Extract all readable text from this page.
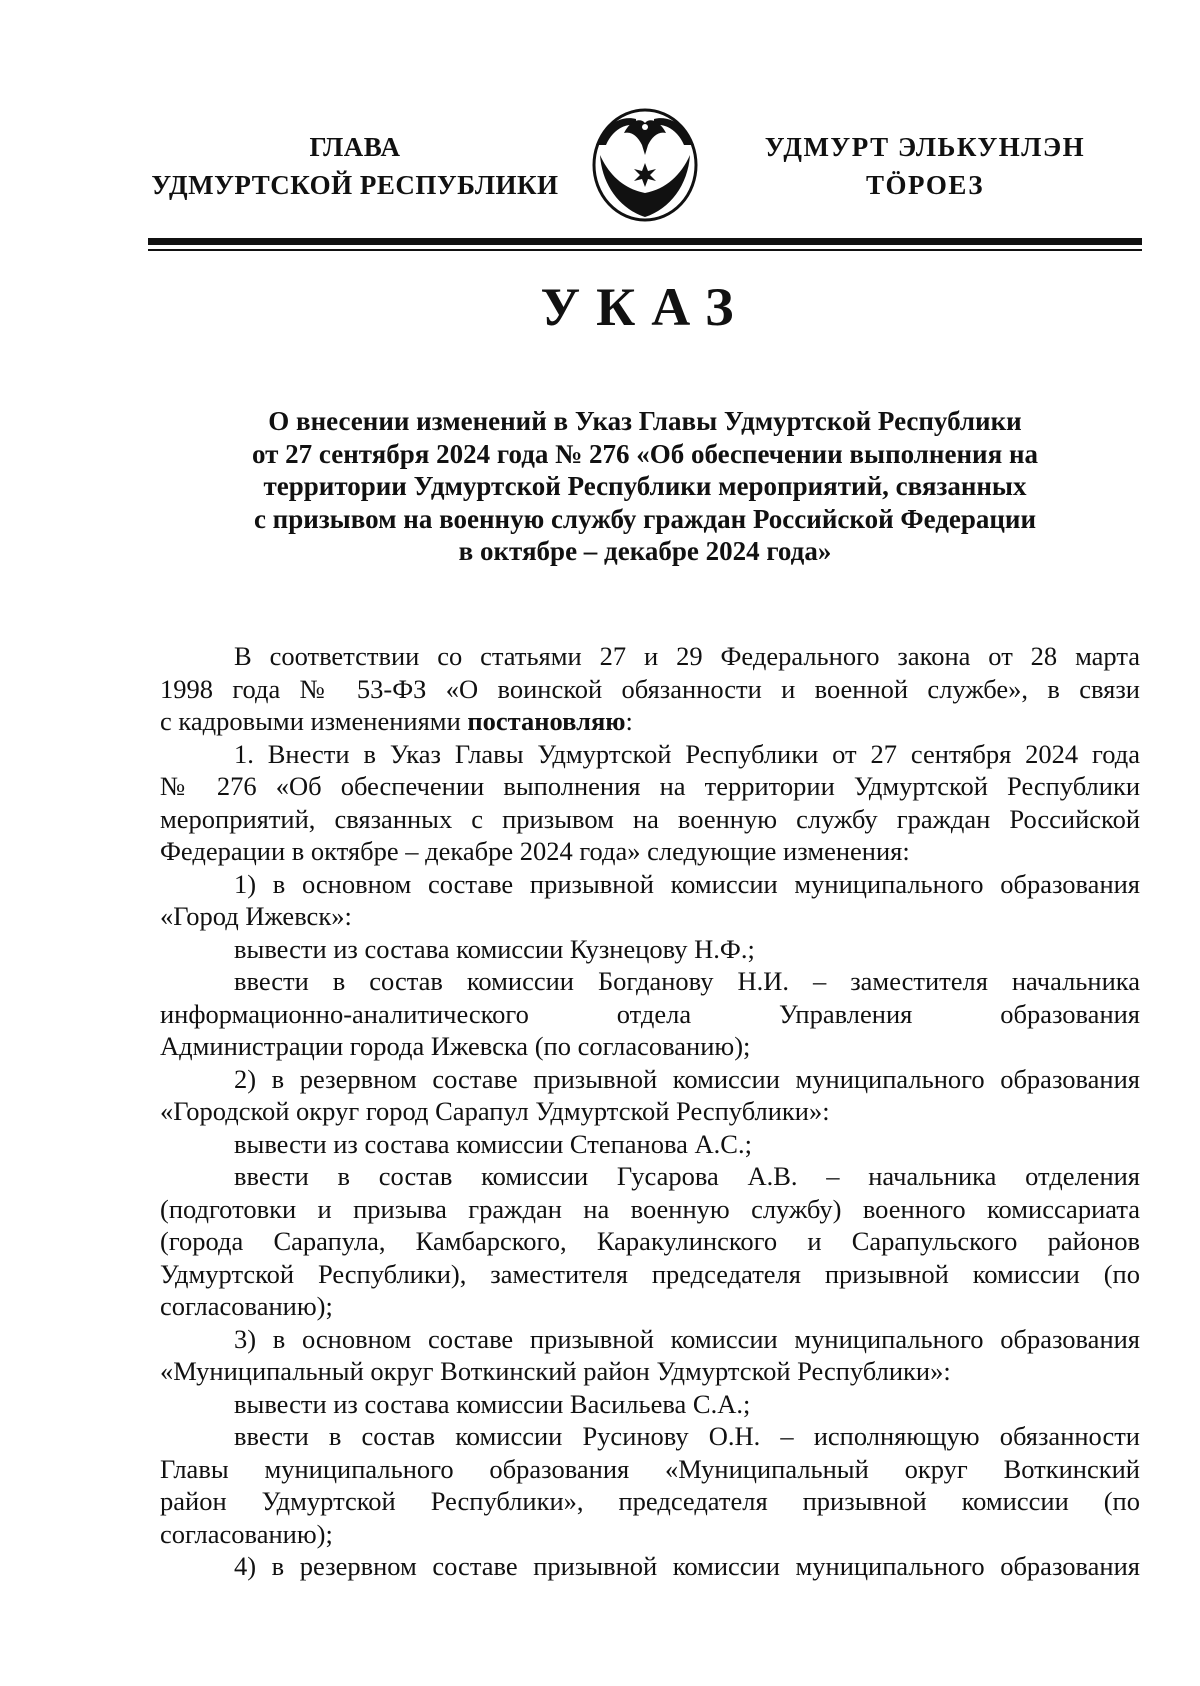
ГЛАВА
УДМУРТСКОЙ РЕСПУБЛИКИ
УДМУРТ ЭЛЬКУНЛЭН
ТӦРОЕЗ
УКАЗ
О внесении изменений в Указ Главы Удмуртской Республики
от 27 сентября 2024 года № 276 «Об обеспечении выполнения на
территории Удмуртской Республики мероприятий, связанных
с призывом на военную службу граждан Российской Федерации
в октябре – декабре 2024 года»
В соответствии со статьями 27 и 29 Федерального закона от 28 марта
1998 года № 53-ФЗ «О воинской обязанности и военной службе», в связи
с кадровыми изменениями постановляю:
1. Внести в Указ Главы Удмуртской Республики от 27 сентября 2024 года
№ 276 «Об обеспечении выполнения на территории Удмуртской Республики
мероприятий, связанных с призывом на военную службу граждан Российской
Федерации в октябре – декабре 2024 года» следующие изменения:
1) в основном составе призывной комиссии муниципального образования
«Город Ижевск»:
вывести из состава комиссии Кузнецову Н.Ф.;
ввести в состав комиссии Богданову Н.И. – заместителя начальника
информационно-аналитического отдела Управления образования
Администрации города Ижевска (по согласованию);
2) в резервном составе призывной комиссии муниципального образования
«Городской округ город Сарапул Удмуртской Республики»:
вывести из состава комиссии Степанова А.С.;
ввести в состав комиссии Гусарова А.В. – начальника отделения
(подготовки и призыва граждан на военную службу) военного комиссариата
(города Сарапула, Камбарского, Каракулинского и Сарапульского районов
Удмуртской Республики), заместителя председателя призывной комиссии (по
согласованию);
3) в основном составе призывной комиссии муниципального образования
«Муниципальный округ Воткинский район Удмуртской Республики»:
вывести из состава комиссии Васильева С.А.;
ввести в состав комиссии Русинову О.Н. – исполняющую обязанности
Главы муниципального образования «Муниципальный округ Воткинский
район Удмуртской Республики», председателя призывной комиссии (по
согласованию);
4) в резервном составе призывной комиссии муниципального образования
